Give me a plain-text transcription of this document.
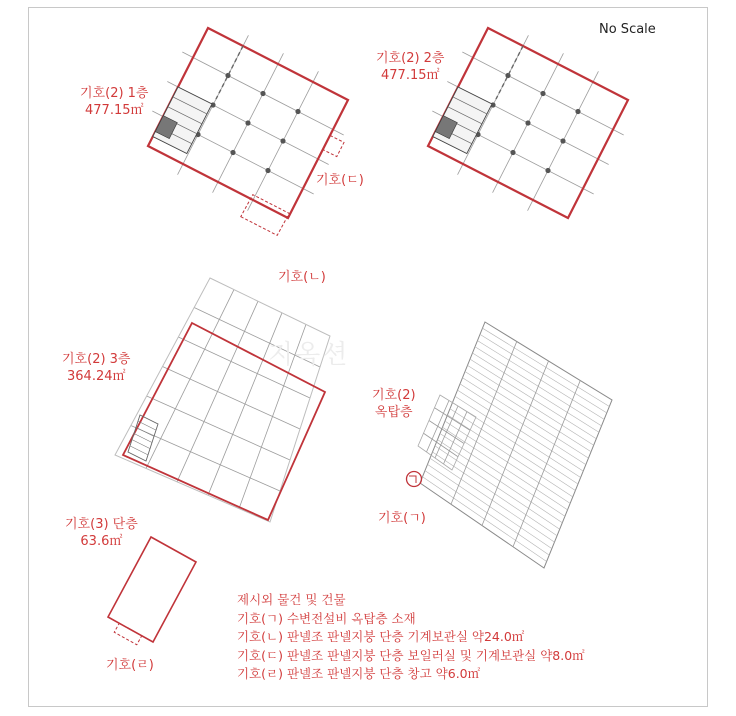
지옥션
No Scale
기호(2) 1층
477.15㎡
기호(2) 2층
477.15㎡
기호(2) 3층
364.24㎡
기호(2)
옥탑층
기호(3) 단층
63.6㎡
기호(ㄷ)
기호(ㄴ)
기호(ㄱ)
기호(ㄹ)
제시외 물건 및 건물
기호(ㄱ) 수변전설비 옥탑층 소재
기호(ㄴ) 판넬조 판넬지붕 단층 기계보관실 약24.0㎡
기호(ㄷ) 판넬조 판넬지붕 단층 보일러실 및 기계보관실 약8.0㎡
기호(ㄹ) 판넬조 판넬지붕 단층 창고 약6.0㎡
